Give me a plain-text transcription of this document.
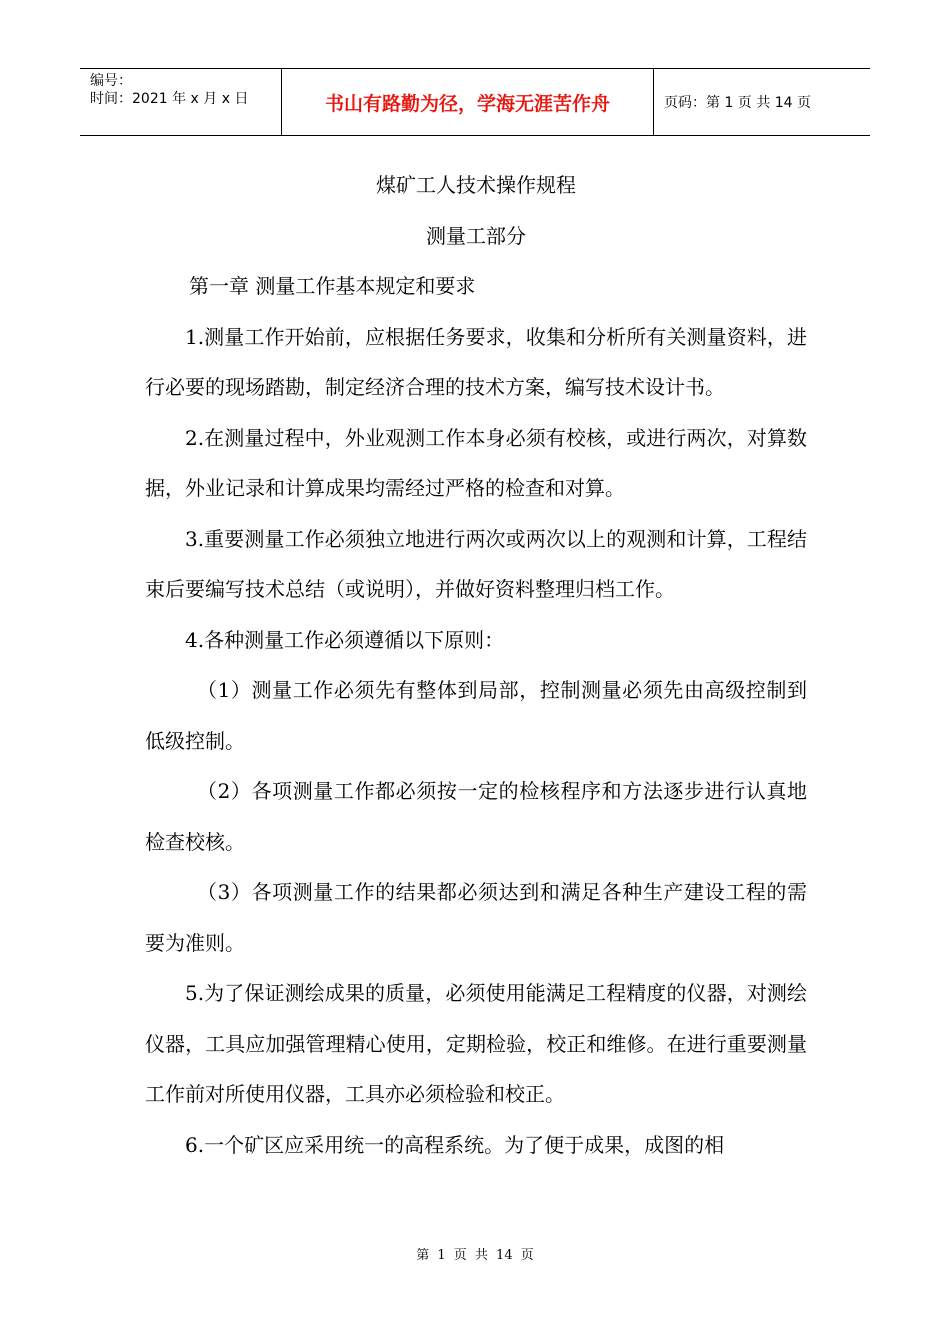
编号：
时间：2021 年 x 月 x 日	书山有路勤为径，学海无涯苦作舟	页码：第 1 页 共 14 页

煤矿工人技术操作规程

测量工部分

第一章 测量工作基本规定和要求

1.测量工作开始前，应根据任务要求，收集和分析所有关测量资料，进行必要的现场踏勘，制定经济合理的技术方案，编写技术设计书。

2.在测量过程中，外业观测工作本身必须有校核，或进行两次，对算数据，外业记录和计算成果均需经过严格的检查和对算。

3.重要测量工作必须独立地进行两次或两次以上的观测和计算，工程结束后要编写技术总结（或说明），并做好资料整理归档工作。

4.各种测量工作必须遵循以下原则：

（1）测量工作必须先有整体到局部，控制测量必须先由高级控制到低级控制。

（2）各项测量工作都必须按一定的检核程序和方法逐步进行认真地检查校核。

（3）各项测量工作的结果都必须达到和满足各种生产建设工程的需要为准则。

5.为了保证测绘成果的质量，必须使用能满足工程精度的仪器，对测绘仪器，工具应加强管理精心使用，定期检验，校正和维修。在进行重要测量工作前对所使用仪器，工具亦必须检验和校正。

6.一个矿区应采用统一的高程系统。为了便于成果，成图的相

第 1 页 共 14 页
